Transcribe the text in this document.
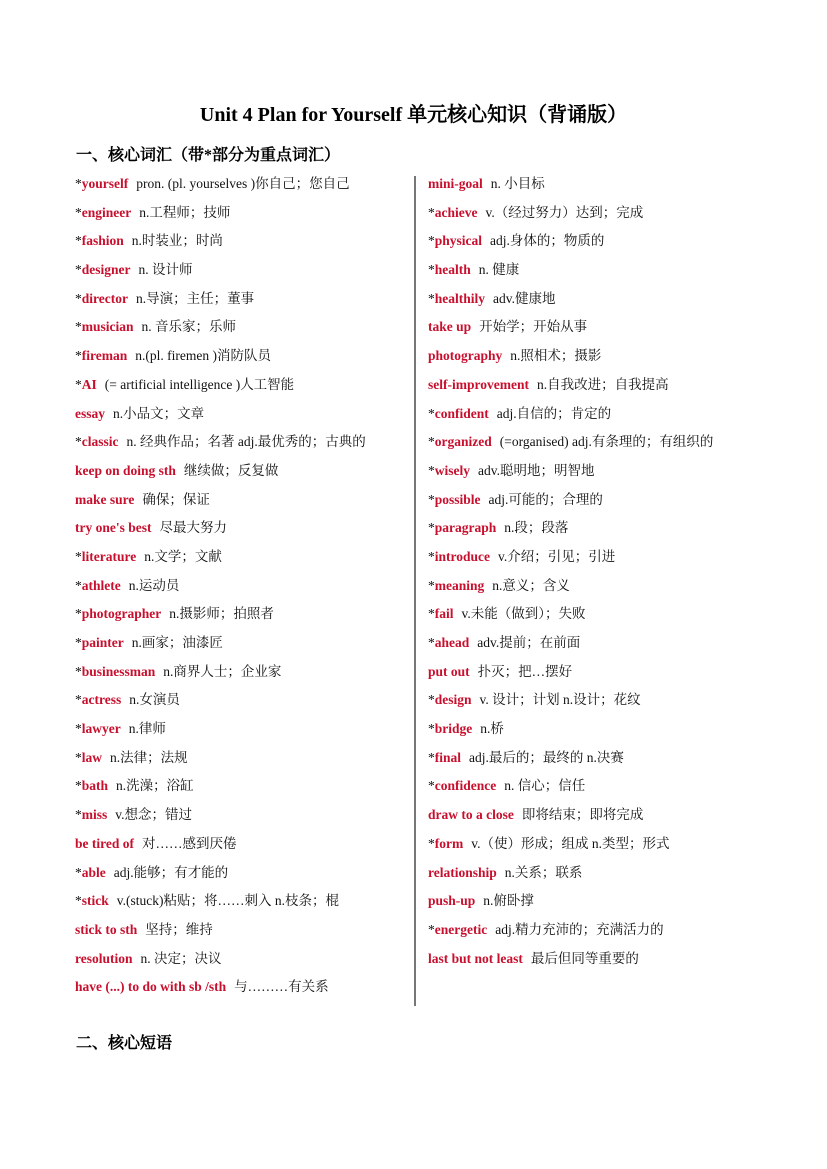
Unit 4 Plan for Yourself 单元核心知识（背诵版）
一、核心词汇（带*部分为重点词汇）
*yourself pron. (pl. yourselves )你自己；您自己
*engineer n.工程师；技师
*fashion n.时装业；时尚
*designer n. 设计师
*director n.导演；主任；董事
*musician n. 音乐家；乐师
*fireman n.(pl. firemen )消防队员
*AI (= artificial intelligence )人工智能
essay n.小品文；文章
*classic n. 经典作品；名著 adj.最优秀的；古典的
keep on doing sth 继续做；反复做
make sure 确保；保证
try one's best 尽最大努力
*literature n.文学；文献
*athlete n.运动员
*photographer n.摄影师；拍照者
*painter n.画家；油漆匠
*businessman n.商界人士；企业家
*actress n.女演员
*lawyer n.律师
*law n.法律；法规
*bath n.洗澡；浴缸
*miss v.想念；错过
be tired of 对……感到厌倦
*able adj.能够；有才能的
*stick v.(stuck)粘贴；将……刺入 n.枝条；棍
stick to sth 坚持；维持
resolution n. 决定；决议
have (...) to do with sb /sth 与………有关系
mini-goal n. 小目标
*achieve v.（经过努力）达到；完成
*physical adj.身体的；物质的
*health n. 健康
*healthily adv.健康地
take up 开始学；开始从事
photography n.照相术；摄影
self-improvement n.自我改进；自我提高
*confident adj.自信的；肯定的
*organized (=organised) adj.有条理的；有组织的
*wisely adv.聪明地；明智地
*possible adj.可能的；合理的
*paragraph n.段；段落
*introduce v.介绍；引见；引进
*meaning n.意义；含义
*fail v.未能（做到）；失败
*ahead adv.提前；在前面
put out 扑灭；把…摆好
*design v. 设计；计划 n.设计；花纹
*bridge n.桥
*final adj.最后的；最终的 n.决赛
*confidence n. 信心；信任
draw to a close 即将结束；即将完成
*form v.（使）形成；组成 n.类型；形式
relationship n.关系；联系
push-up n.俯卧撑
*energetic adj.精力充沛的；充满活力的
last but not least 最后但同等重要的
二、核心短语
